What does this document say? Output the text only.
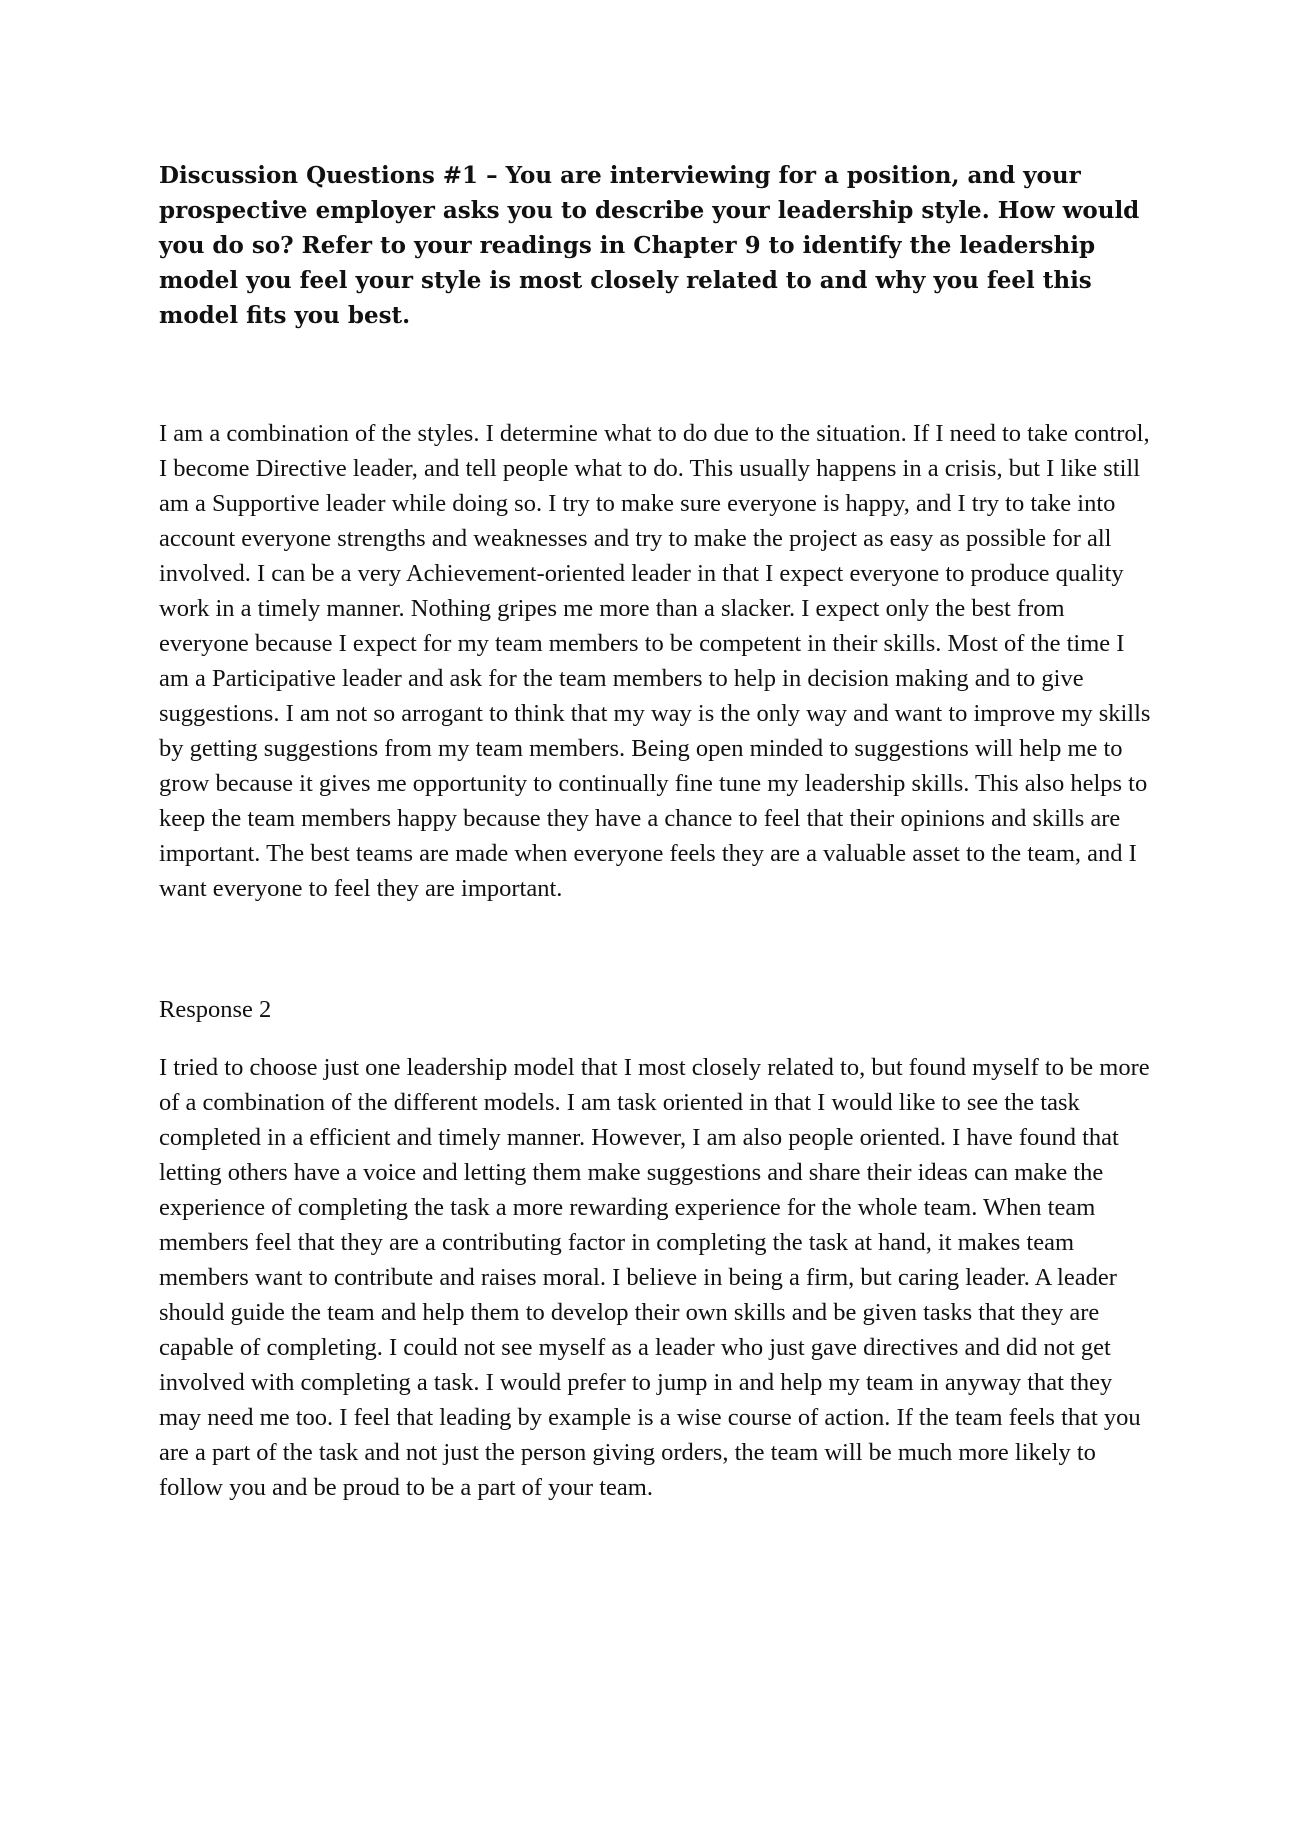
Discussion Questions #1 – You are interviewing for a position, and your prospective employer asks you to describe your leadership style. How would you do so? Refer to your readings in Chapter 9 to identify the leadership model you feel your style is most closely related to and why you feel this model fits you best.

I am a combination of the styles. I determine what to do due to the situation. If I need to take control, I become Directive leader, and tell people what to do. This usually happens in a crisis, but I like still am a Supportive leader while doing so. I try to make sure everyone is happy, and I try to take into account everyone strengths and weaknesses and try to make the project as easy as possible for all involved. I can be a very Achievement-oriented leader in that I expect everyone to produce quality work in a timely manner. Nothing gripes me more than a slacker. I expect only the best from everyone because I expect for my team members to be competent in their skills. Most of the time I am a Participative leader and ask for the team members to help in decision making and to give suggestions. I am not so arrogant to think that my way is the only way and want to improve my skills by getting suggestions from my team members. Being open minded to suggestions will help me to grow because it gives me opportunity to continually fine tune my leadership skills. This also helps to keep the team members happy because they have a chance to feel that their opinions and skills are important. The best teams are made when everyone feels they are a valuable asset to the team, and I want everyone to feel they are important.

Response 2

I tried to choose just one leadership model that I most closely related to, but found myself to be more of a combination of the different models. I am task oriented in that I would like to see the task completed in a efficient and timely manner. However, I am also people oriented. I have found that letting others have a voice and letting them make suggestions and share their ideas can make the experience of completing the task a more rewarding experience for the whole team. When team members feel that they are a contributing factor in completing the task at hand, it makes team members want to contribute and raises moral. I believe in being a firm, but caring leader. A leader should guide the team and help them to develop their own skills and be given tasks that they are capable of completing. I could not see myself as a leader who just gave directives and did not get involved with completing a task. I would prefer to jump in and help my team in anyway that they may need me too. I feel that leading by example is a wise course of action. If the team feels that you are a part of the task and not just the person giving orders, the team will be much more likely to follow you and be proud to be a part of your team.
